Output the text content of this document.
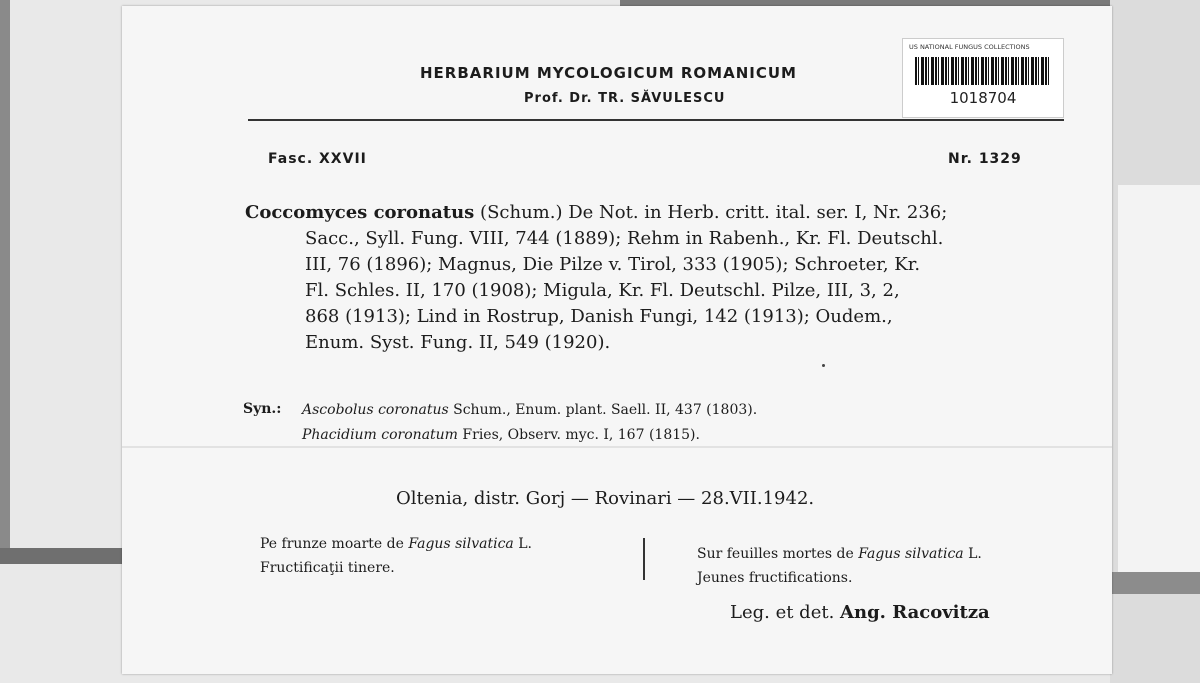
HERBARIUM MYCOLOGICUM ROMANICUM
Prof. Dr. TR. SĂVULESCU
US NATIONAL FUNGUS COLLECTIONS
1018704
Fasc. XXVII	Nr. 1329
Coccomyces coronatus (Schum.) De Not. in Herb. critt. ital. ser. I, Nr. 236;
Sacc., Syll. Fung. VIII, 744 (1889); Rehm in Rabenh., Kr. Fl. Deutschl.
III, 76 (1896); Magnus, Die Pilze v. Tirol, 333 (1905); Schroeter, Kr.
Fl. Schles. II, 170 (1908); Migula, Kr. Fl. Deutschl. Pilze, III, 3, 2,
868 (1913); Lind in Rostrup, Danish Fungi, 142 (1913); Oudem.,
Enum. Syst. Fung. II, 549 (1920).
Syn.: Ascobolus coronatus Schum., Enum. plant. Saell. II, 437 (1803).
Phacidium coronatum Fries, Observ. myc. I, 167 (1815).
Oltenia, distr. Gorj — Rovinari — 28.VII.1942.
Pe frunze moarte de Fagus silvatica L.
Fructificaţii tinere.
Sur feuilles mortes de Fagus silvatica L.
Jeunes fructifications.
Leg. et det. Ang. Racovitza
